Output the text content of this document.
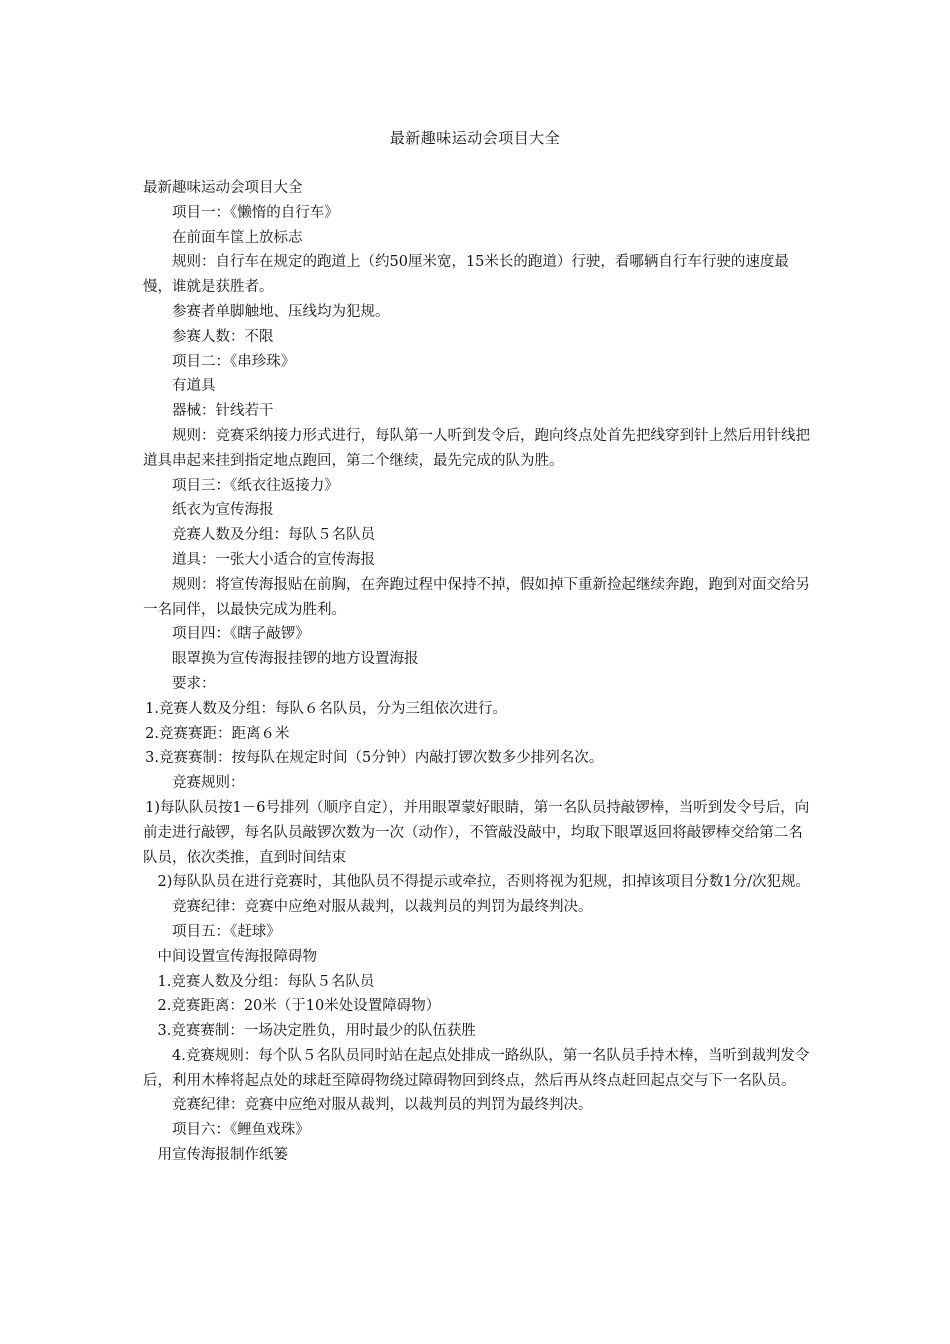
最新趣味运动会项目大全

最新趣味运动会项目大全

项目一：《懒惰的自行车》

在前面车筐上放标志

规则：自行车在规定的跑道上（约50厘米宽，15米长的跑道）行驶，看哪辆自行车行驶的速度最慢，谁就是获胜者。

参赛者单脚触地、压线均为犯规。

参赛人数：不限

项目二：《串珍珠》

有道具

器械：针线若干

规则：竞赛采纳接力形式进行，每队第一人听到发令后，跑向终点处首先把线穿到针上然后用针线把道具串起来挂到指定地点跑回，第二个继续，最先完成的队为胜。

项目三：《纸衣往返接力》

纸衣为宣传海报

竞赛人数及分组：每队５名队员

道具：一张大小适合的宣传海报

规则：将宣传海报贴在前胸，在奔跑过程中保持不掉，假如掉下重新捡起继续奔跑，跑到对面交给另一名同伴，以最快完成为胜利。

项目四：《瞎子敲锣》

眼罩换为宣传海报挂锣的地方设置海报

要求：

1.竞赛人数及分组：每队６名队员，分为三组依次进行。

2.竞赛赛距：距离６米

3.竞赛赛制：按每队在规定时间（5分钟）内敲打锣次数多少排列名次。

竞赛规则：

1)每队队员按1－6号排列（顺序自定），并用眼罩蒙好眼睛，第一名队员持敲锣棒，当听到发令号后，向前走进行敲锣，每名队员敲锣次数为一次（动作），不管敲没敲中，均取下眼罩返回将敲锣棒交给第二名队员，依次类推，直到时间结束

2)每队队员在进行竞赛时，其他队员不得提示或牵拉，否则将视为犯规，扣掉该项目分数1分/次犯规。

竞赛纪律：竞赛中应绝对服从裁判，以裁判员的判罚为最终判决。

项目五：《赶球》

中间设置宣传海报障碍物

1.竞赛人数及分组：每队５名队员

2.竞赛距离：20米（于10米处设置障碍物）

3.竞赛赛制：一场决定胜负，用时最少的队伍获胜

4.竞赛规则：每个队５名队员同时站在起点处排成一路纵队，第一名队员手持木棒，当听到裁判发令后，利用木棒将起点处的球赶至障碍物绕过障碍物回到终点，然后再从终点赶回起点交与下一名队员。

竞赛纪律：竞赛中应绝对服从裁判，以裁判员的判罚为最终判决。

项目六：《鲤鱼戏珠》

用宣传海报制作纸篓
